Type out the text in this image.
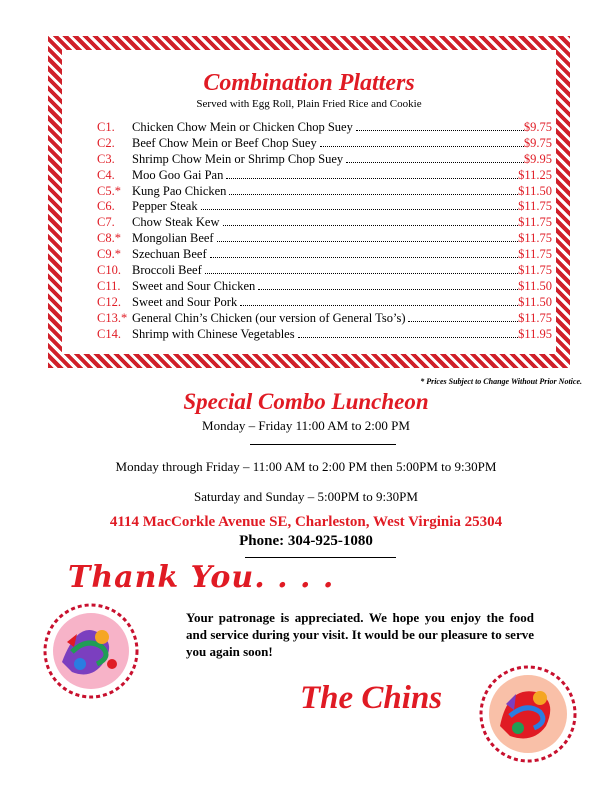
Combination Platters
Served with Egg Roll, Plain Fried Rice and Cookie
C1.	Chicken Chow Mein or Chicken Chop Suey	$9.75
C2.	Beef Chow Mein or Beef Chop Suey	$9.75
C3.	Shrimp Chow Mein or Shrimp Chop Suey	$9.95
C4.	Moo Goo Gai Pan	$11.25
C5.* Kung Pao Chicken	$11.50
C6.	Pepper Steak	$11.75
C7.	Chow Steak Kew	$11.75
C8.* Mongolian Beef	$11.75
C9.* Szechuan Beef	$11.75
C10. Broccoli Beef	$11.75
C11. Sweet and Sour Chicken	$11.50
C12. Sweet and Sour Pork	$11.50
C13.* General Chin’s Chicken (our version of General Tso’s)	$11.75
C14. Shrimp with Chinese Vegetables	$11.95
* Prices Subject to Change Without Prior Notice.
Special Combo Luncheon
Monday – Friday 11:00 AM to 2:00 PM
Monday through Friday – 11:00 AM to 2:00 PM then 5:00PM to 9:30PM
Saturday and Sunday – 5:00PM to 9:30PM
4114 MacCorkle Avenue SE, Charleston, West Virginia 25304
Phone: 304-925-1080
Thank You. . . .
Your patronage is appreciated. We hope you enjoy the food and service during your visit. It would be our pleasure to serve you again soon!
The Chins
